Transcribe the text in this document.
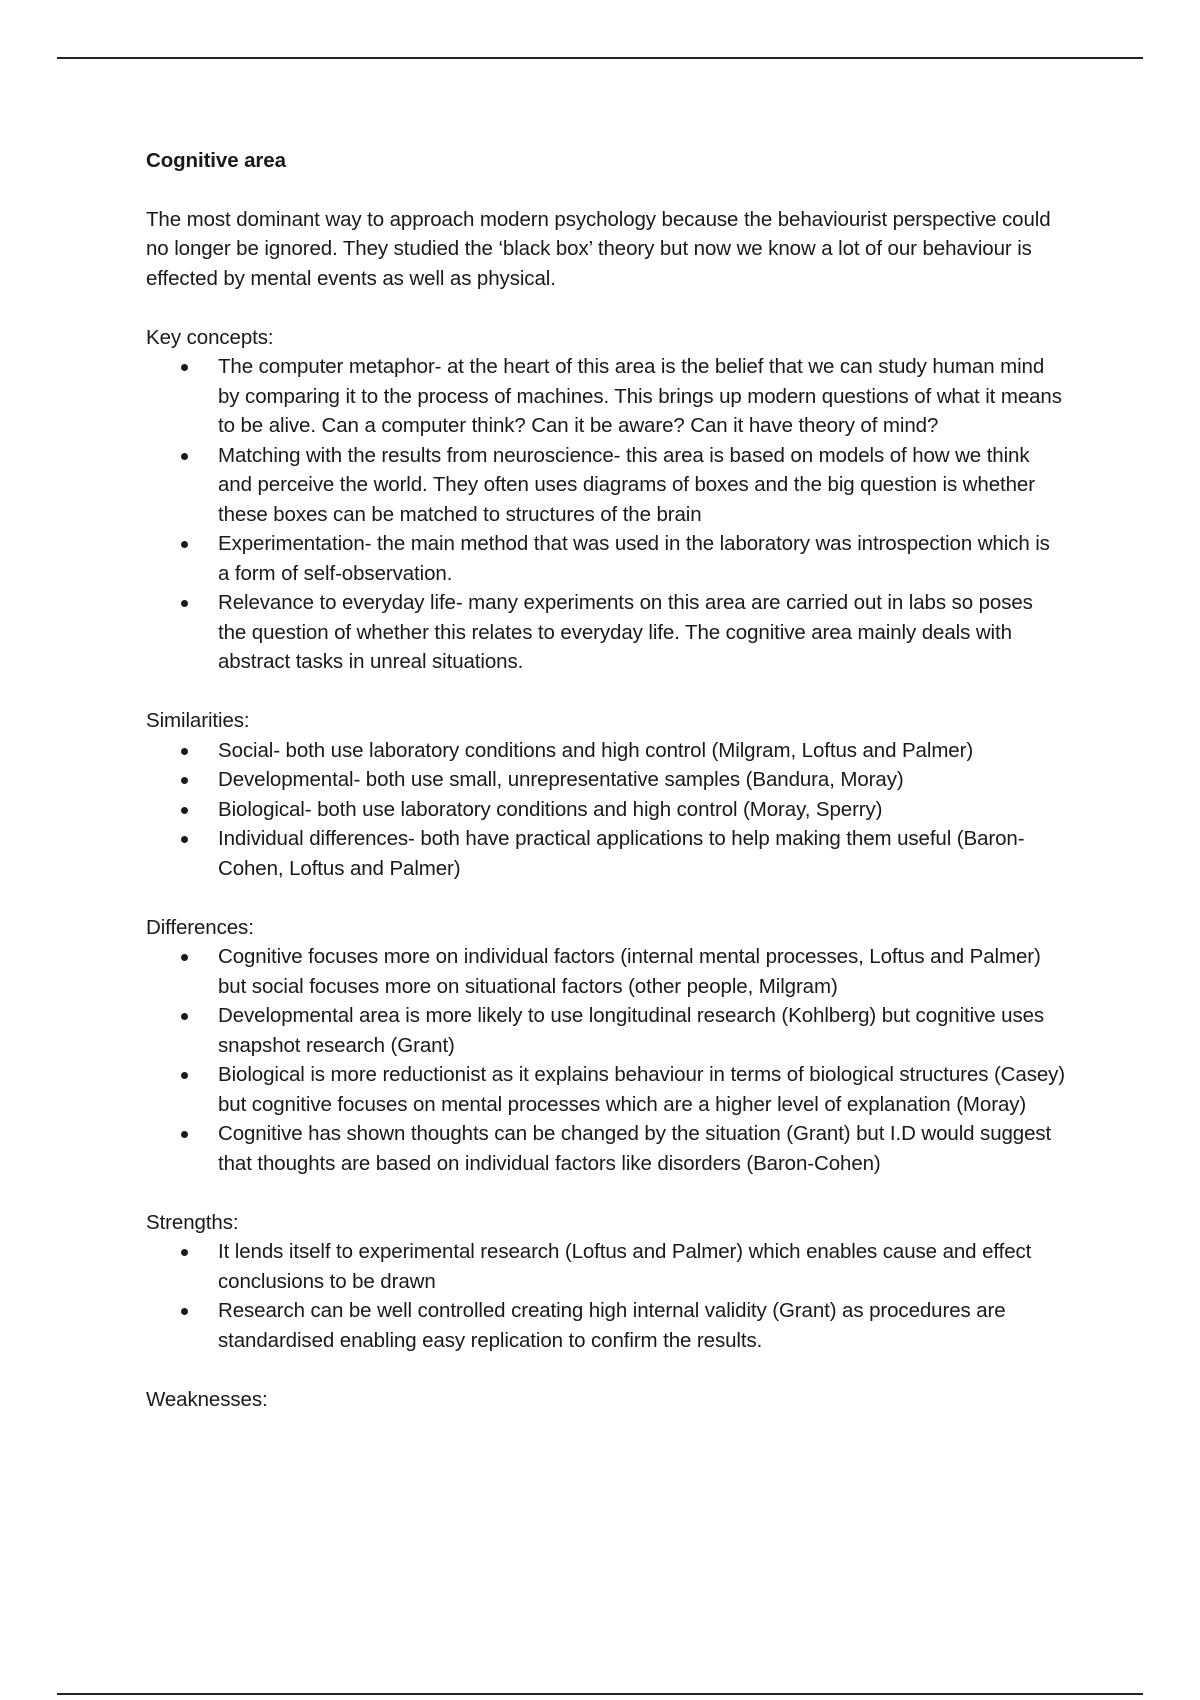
Cognitive area

The most dominant way to approach modern psychology because the behaviourist perspective could no longer be ignored. They studied the ‘black box’ theory but now we know a lot of our behaviour is effected by mental events as well as physical.

Key concepts:

The computer metaphor- at the heart of this area is the belief that we can study human mind by comparing it to the process of machines. This brings up modern questions of what it means to be alive. Can a computer think? Can it be aware? Can it have theory of mind?
Matching with the results from neuroscience- this area is based on models of how we think and perceive the world. They often uses diagrams of boxes and the big question is whether these boxes can be matched to structures of the brain
Experimentation- the main method that was used in the laboratory was introspection which is a form of self-observation.
Relevance to everyday life- many experiments on this area are carried out in labs so poses the question of whether this relates to everyday life. The cognitive area mainly deals with abstract tasks in unreal situations.

Similarities:

Social- both use laboratory conditions and high control (Milgram, Loftus and Palmer)
Developmental- both use small, unrepresentative samples (Bandura, Moray)
Biological- both use laboratory conditions and high control (Moray, Sperry)
Individual differences- both have practical applications to help making them useful (Baron-Cohen, Loftus and Palmer)

Differences:

Cognitive focuses more on individual factors (internal mental processes, Loftus and Palmer) but social focuses more on situational factors (other people, Milgram)
Developmental area is more likely to use longitudinal research (Kohlberg) but cognitive uses snapshot research (Grant)
Biological is more reductionist as it explains behaviour in terms of biological structures (Casey) but cognitive focuses on mental processes which are a higher level of explanation (Moray)
Cognitive has shown thoughts can be changed by the situation (Grant) but I.D would suggest that thoughts are based on individual factors like disorders (Baron-Cohen)

Strengths:

It lends itself to experimental research (Loftus and Palmer) which enables cause and effect conclusions to be drawn
Research can be well controlled creating high internal validity (Grant) as procedures are standardised enabling easy replication to confirm the results.

Weaknesses:
